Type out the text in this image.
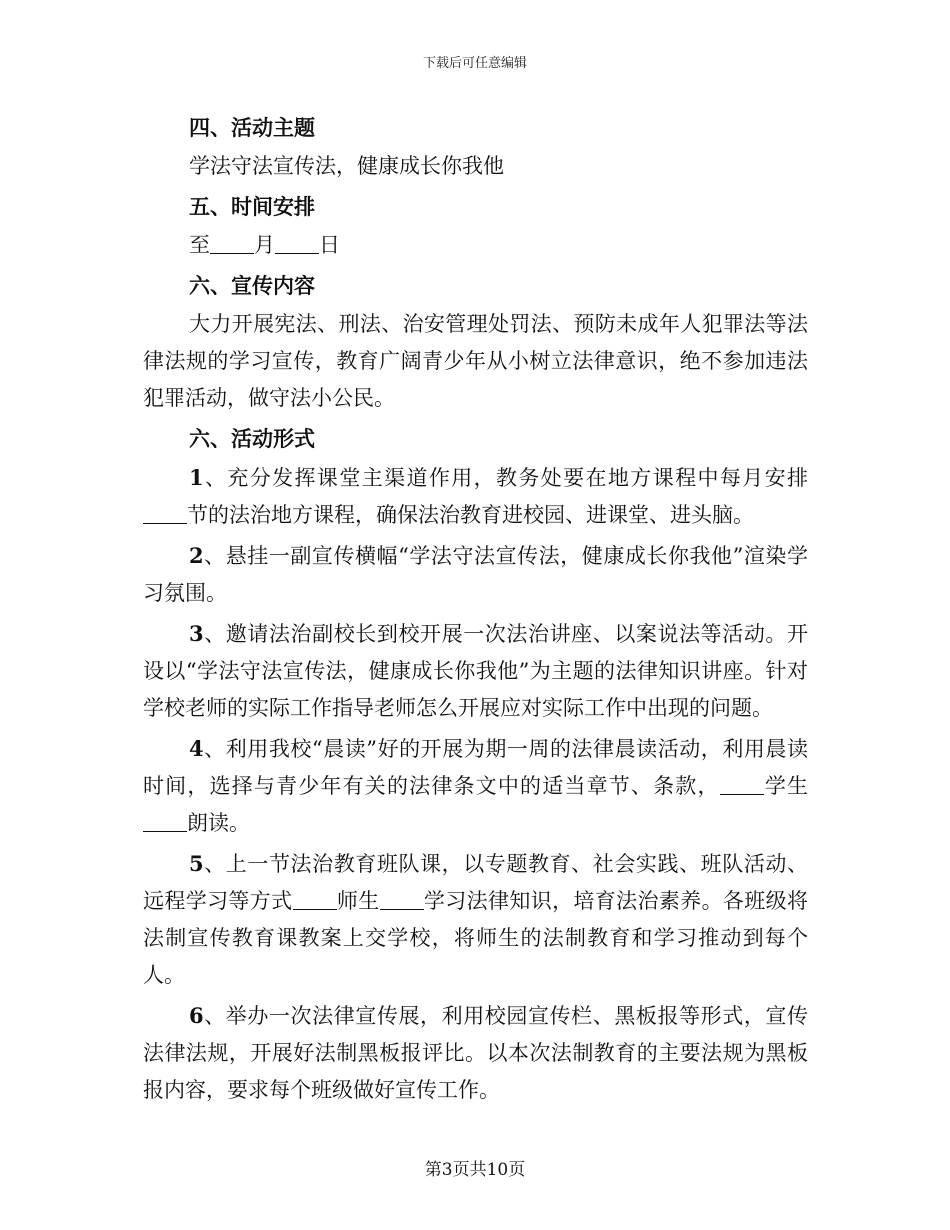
下载后可任意编辑
四、活动主题

学法守法宣传法，健康成长你我他

五、时间安排

至 月 日

六、宣传内容

大力开展宪法、刑法、治安管理处罚法、预防未成年人犯罪法等法律法规的学习宣传，教育广阔青少年从小树立法律意识，绝不参加违法犯罪活动，做守法小公民。

六、活动形式

1、充分发挥课堂主渠道作用，教务处要在地方课程中每月安排节的法治地方课程，确保法治教育进校园、进课堂、进头脑。

2、悬挂一副宣传横幅“学法守法宣传法，健康成长你我他”渲染学习氛围。

3、邀请法治副校长到校开展一次法治讲座、以案说法等活动。开设以“学法守法宣传法，健康成长你我他”为主题的法律知识讲座。针对学校老师的实际工作指导老师怎么开展应对实际工作中出现的问题。

4、利用我校“晨读”好的开展为期一周的法律晨读活动，利用晨读时间，选择与青少年有关的法律条文中的适当章节、条款， 学生朗读。

5、上一节法治教育班队课，以专题教育、社会实践、班队活动、远程学习等方式 师生 学习法律知识，培育法治素养。各班级将法制宣传教育课教案上交学校，将师生的法制教育和学习推动到每个人。

6、举办一次法律宣传展，利用校园宣传栏、黑板报等形式，宣传法律法规，开展好法制黑板报评比。以本次法制教育的主要法规为黑板报内容，要求每个班级做好宣传工作。

第3页共10页
